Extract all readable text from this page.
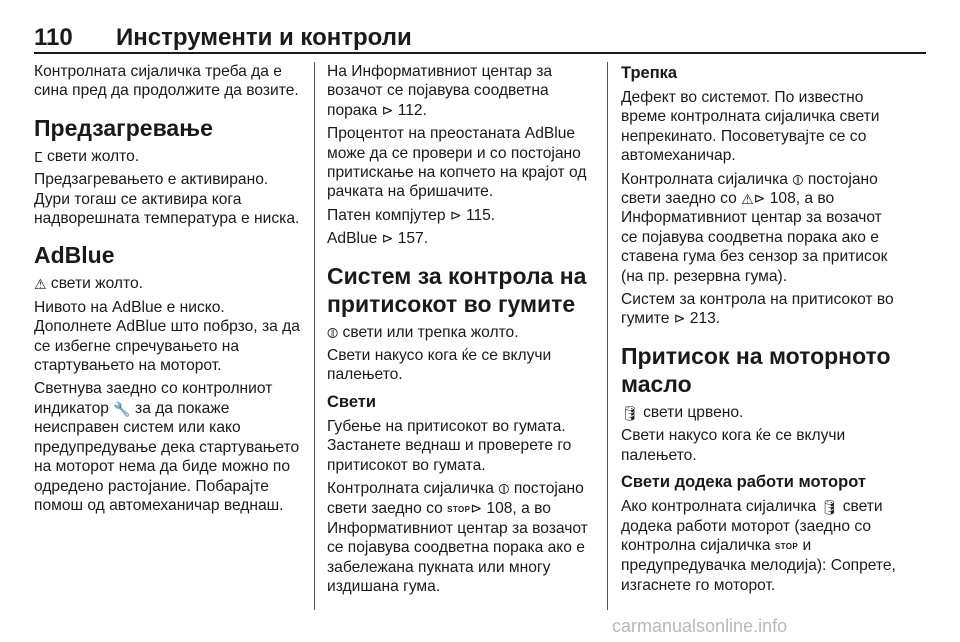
110 Инструменти и контроли

Контролната сијаличка треба да е сина пред да продолжите да возите.

Предзагревање

ⵎ свети жолто.

Предзагревањето е активирано. Дури тогаш се активира кога надворешната температура е ниска.

AdBlue

⚠ свети жолто.

Нивото на AdBlue е ниско. Дополнете AdBlue што побрзо, за да се избегне спречувањето на стартувањето на моторот.

Светнува заедно со контролниот индикатор 🔧 за да покаже неисправен систем или како предупредување дека стартувањето на моторот нема да биде можно по одредено растојание. Побарајте помош од автомеханичар веднаш.

На Информативниот центар за возачот се појавува соодветна порака ⊳ 112.

Процентот на преостаната AdBlue може да се провери и со постојано притискање на копчето на крајот од рачката на бришачите.

Патен компјутер ⊳ 115.

AdBlue ⊳ 157.

Систем за контрола на притисокот во гумите

⦷ свети или трепка жолто.

Свети накусо кога ќе се вклучи палењето.

Свети

Губење на притисокот во гумата. Застанете веднаш и проверете го притисокот во гумата.

Контролната сијаличка ⦷ постојано свети заедно со STOP⊳ 108, а во Информативниот центар за возачот се појавува соодветна порака ако е забележана пукната или многу издишана гума.

Трепка

Дефект во системот. По известно време контролната сијаличка свети непрекинато. Посоветувајте се со автомеханичар.

Контролната сијаличка ⦷ постојано свети заедно со ⚠⊳ 108, а во Информативниот центар за возачот се појавува соодветна порака ако е ставена гума без сензор за притисок (на пр. резервна гума).

Систем за контрола на притисокот во гумите ⊳ 213.

Притисок на моторното масло

🛢 свети црвено.

Свети накусо кога ќе се вклучи палењето.

Свети додека работи моторот

Ако контролната сијаличка 🛢 свети додека работи моторот (заедно со контролна сијаличка STOP и предупредувачка мелодија): Сопрете, изгаснете го моторот.

carmanualsonline.info
